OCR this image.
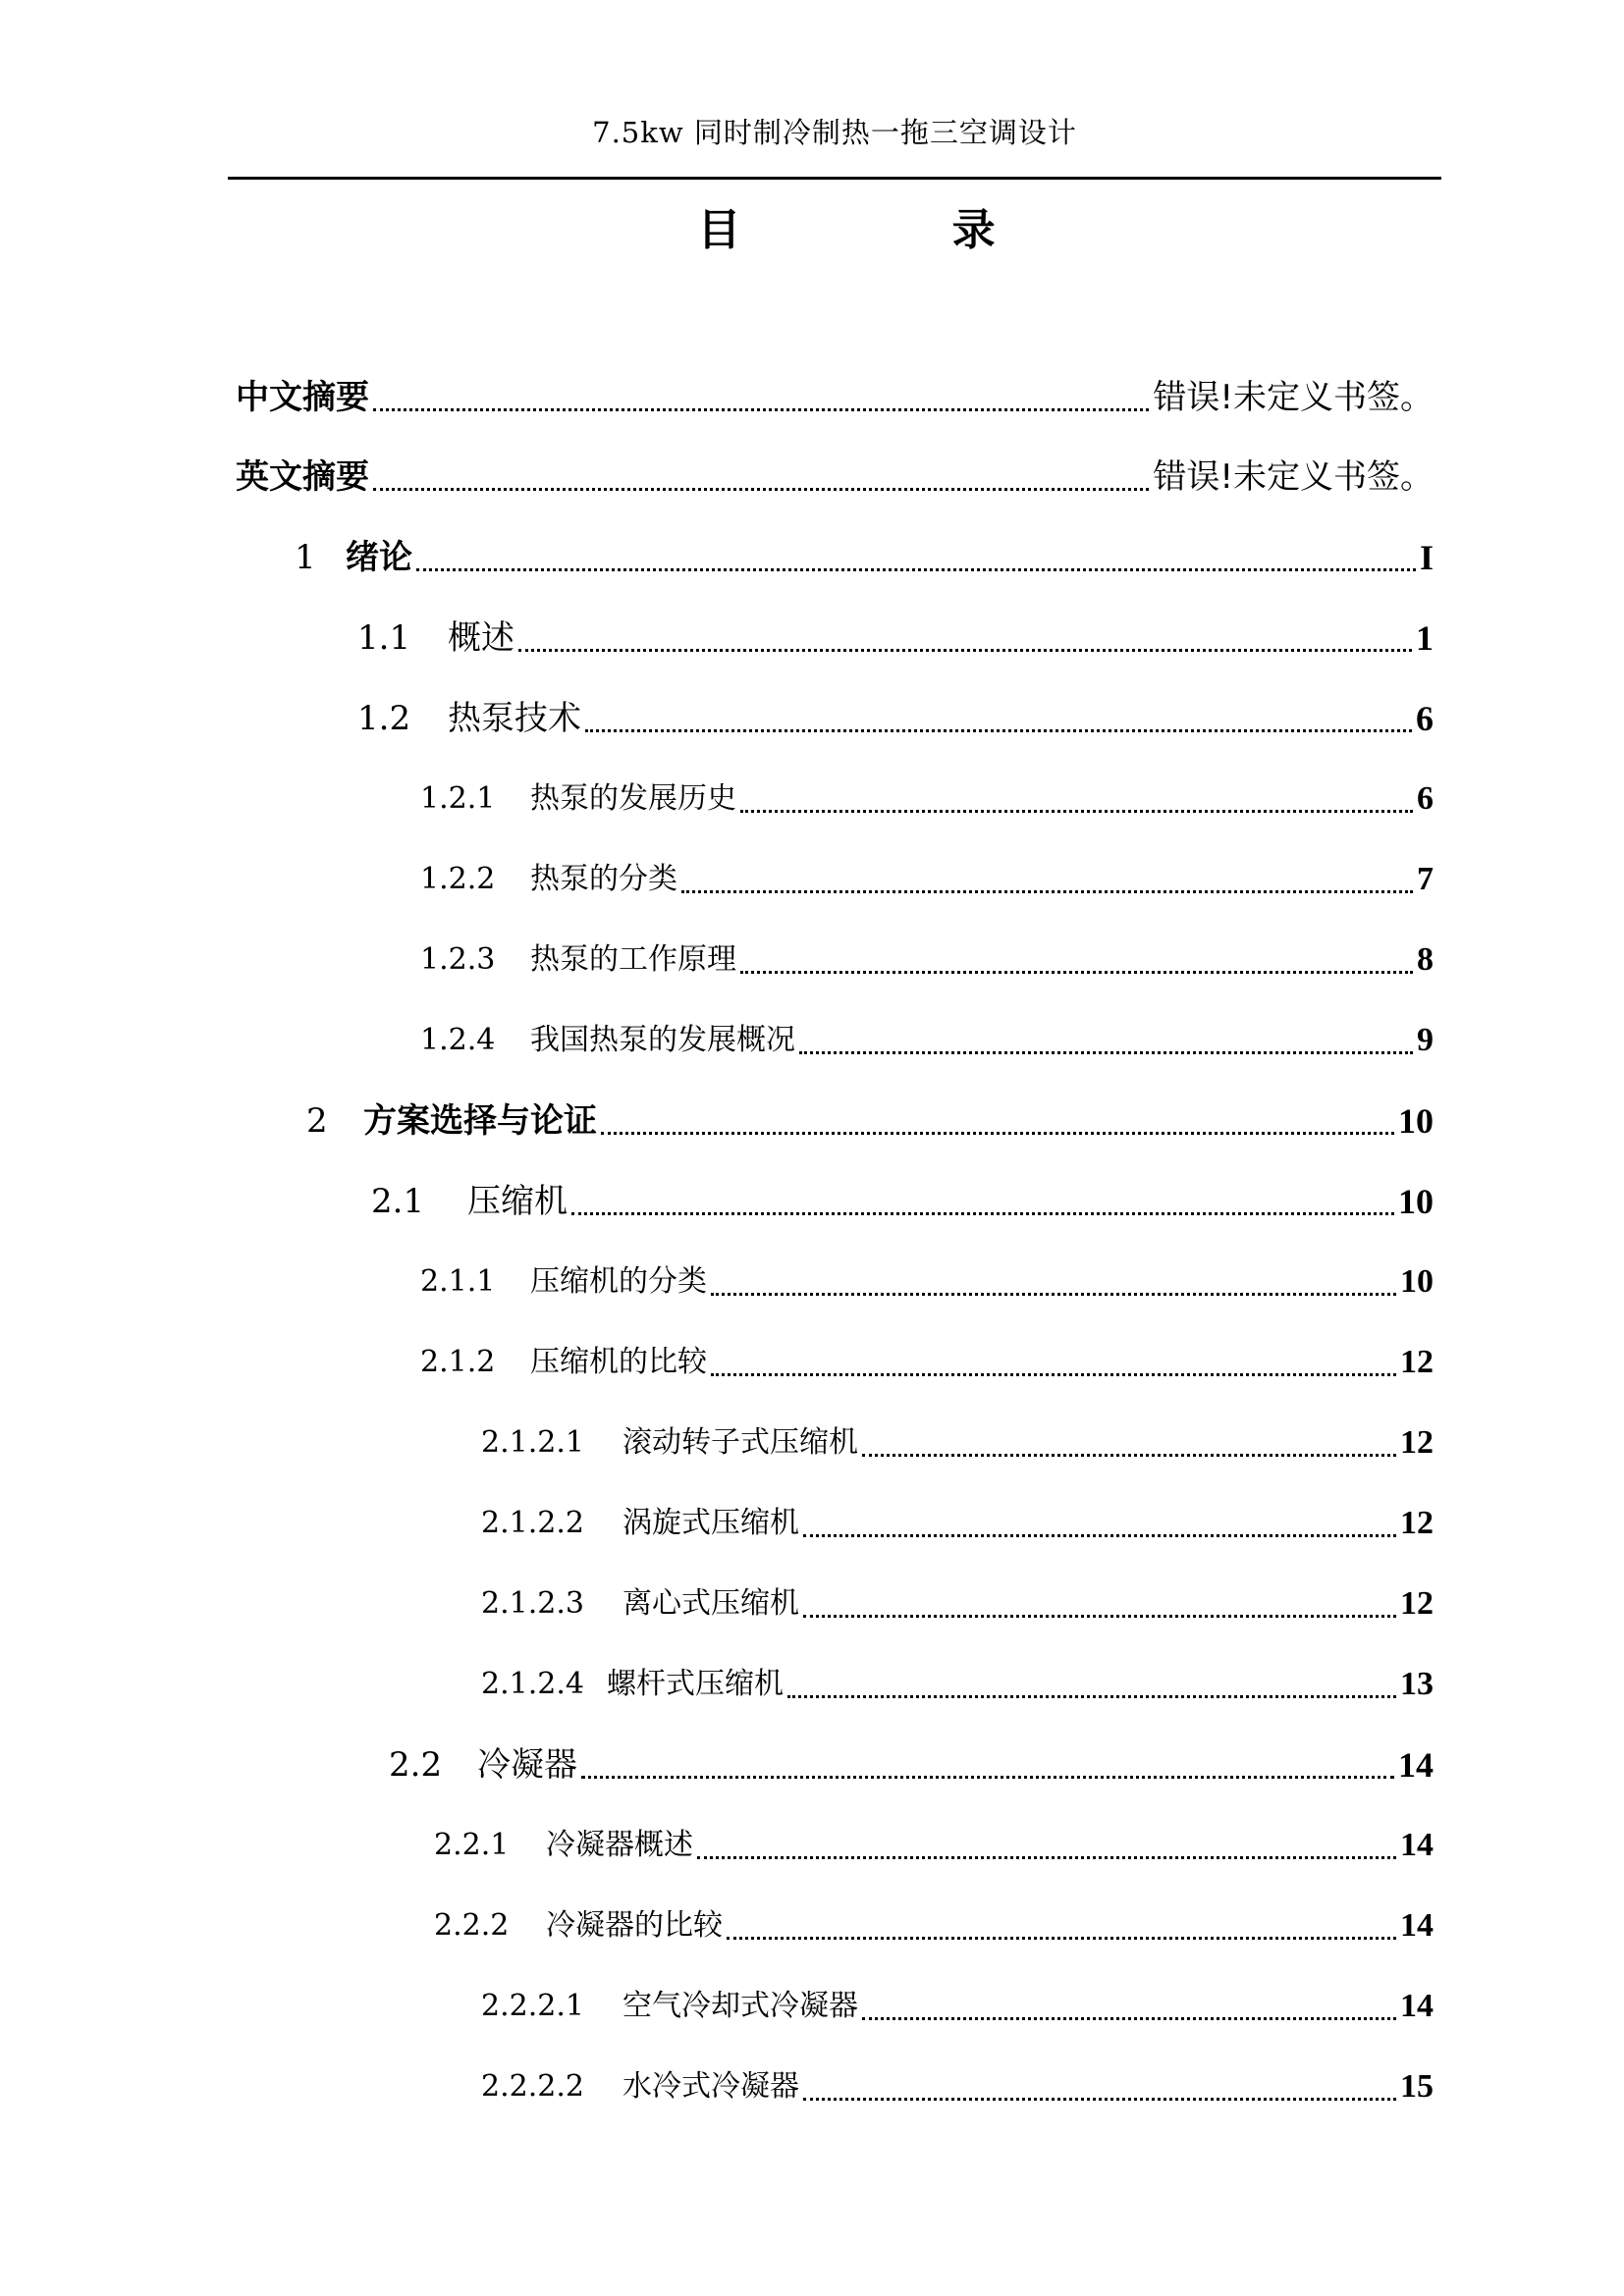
7.5kw 同时制冷制热一拖三空调设计
目 录
中文摘要	错误!未定义书签。
英文摘要	错误!未定义书签。
1 绪论	I
1.1	概述	1
1.2	热泵技术	6
1.2.1	热泵的发展历史	6
1.2.2	热泵的分类	7
1.2.3	热泵的工作原理	8
1.2.4	我国热泵的发展概况	9
2	方案选择与论证	10
2.1	压缩机	10
2.1.1	压缩机的分类	10
2.1.2	压缩机的比较	12
2.1.2.1	滚动转子式压缩机	12
2.1.2.2	涡旋式压缩机	12
2.1.2.3	离心式压缩机	12
2.1.2.4 螺杆式压缩机	13
2.2	冷凝器	14
2.2.1	冷凝器概述	14
2.2.2	冷凝器的比较	14
2.2.2.1	空气冷却式冷凝器	14
2.2.2.2	水冷式冷凝器	15
